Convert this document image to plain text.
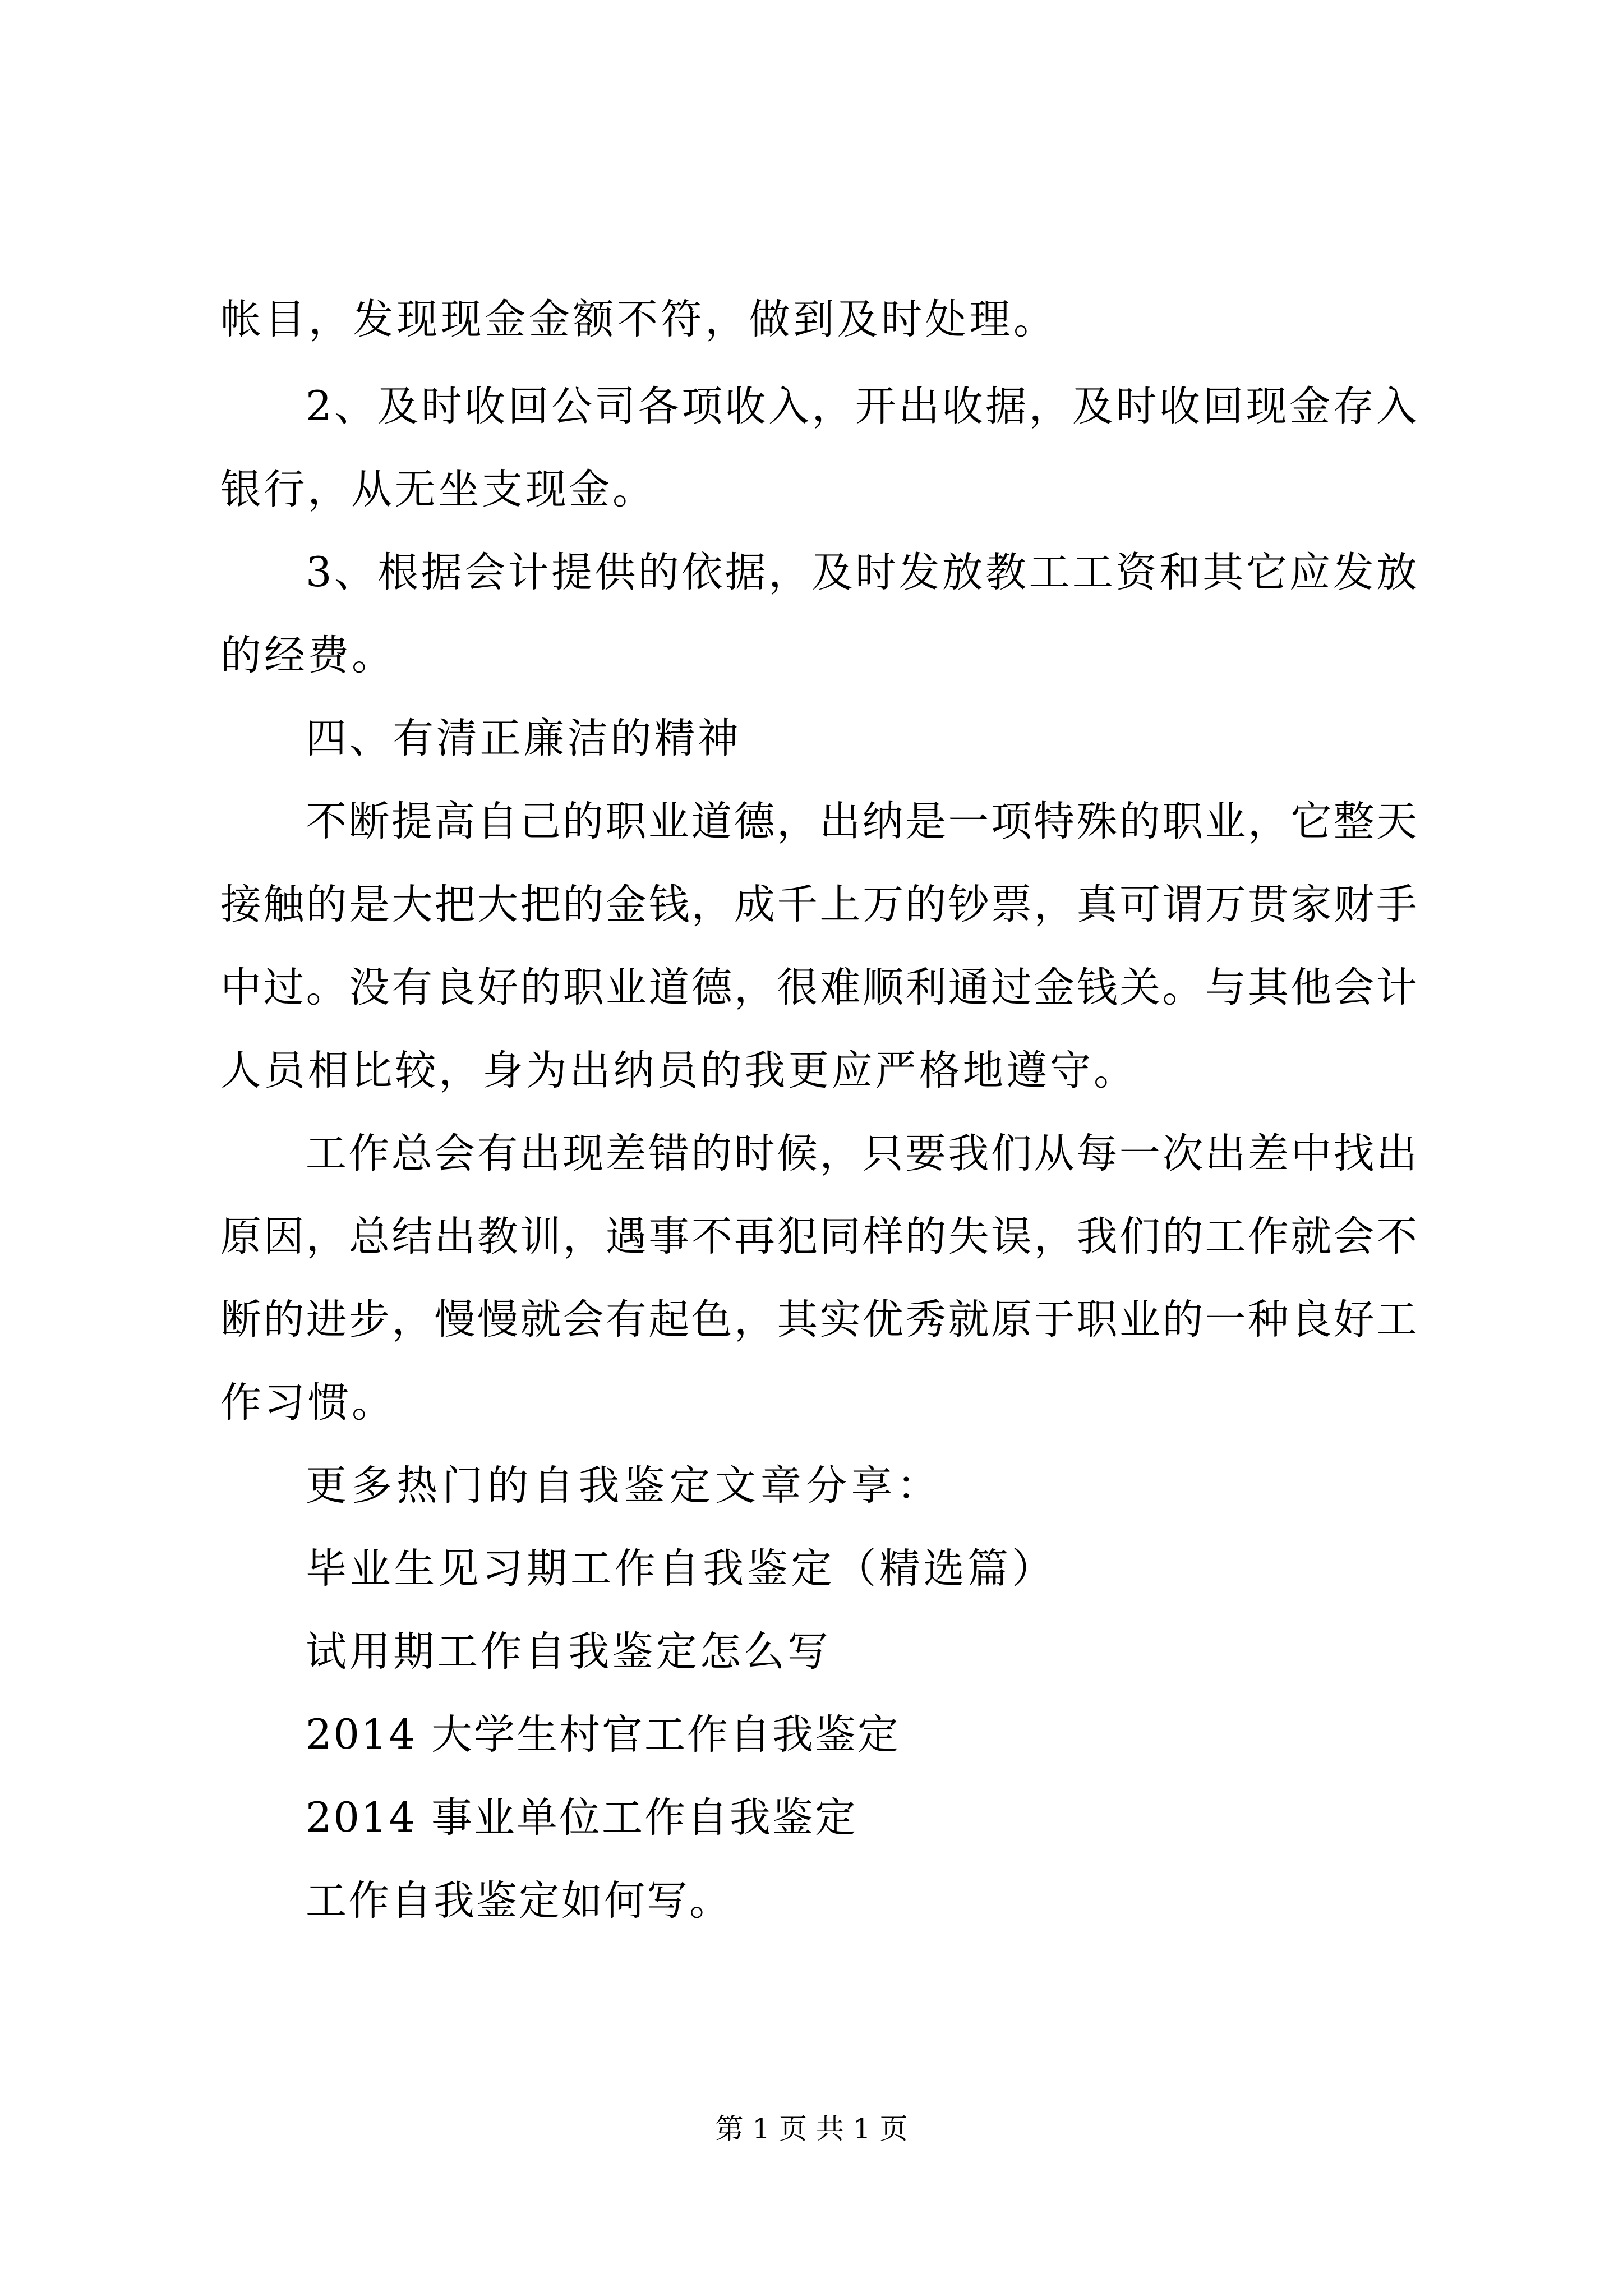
帐目，发现现金金额不符，做到及时处理。
2、及时收回公司各项收入，开出收据，及时收回现金存入
银行，从无坐支现金。
3、根据会计提供的依据，及时发放教工工资和其它应发放
的经费。
四、有清正廉洁的精神
不断提高自己的职业道德，出纳是一项特殊的职业，它整天
接触的是大把大把的金钱，成千上万的钞票，真可谓万贯家财手
中过。没有良好的职业道德，很难顺利通过金钱关。与其他会计
人员相比较，身为出纳员的我更应严格地遵守。
工作总会有出现差错的时候，只要我们从每一次出差中找出
原因，总结出教训，遇事不再犯同样的失误，我们的工作就会不
断的进步，慢慢就会有起色，其实优秀就原于职业的一种良好工
作习惯。
更多热门的自我鉴定文章分享：
毕业生见习期工作自我鉴定（精选篇）
试用期工作自我鉴定怎么写
2014 大学生村官工作自我鉴定
2014 事业单位工作自我鉴定
工作自我鉴定如何写。
第 1 页 共 1 页
